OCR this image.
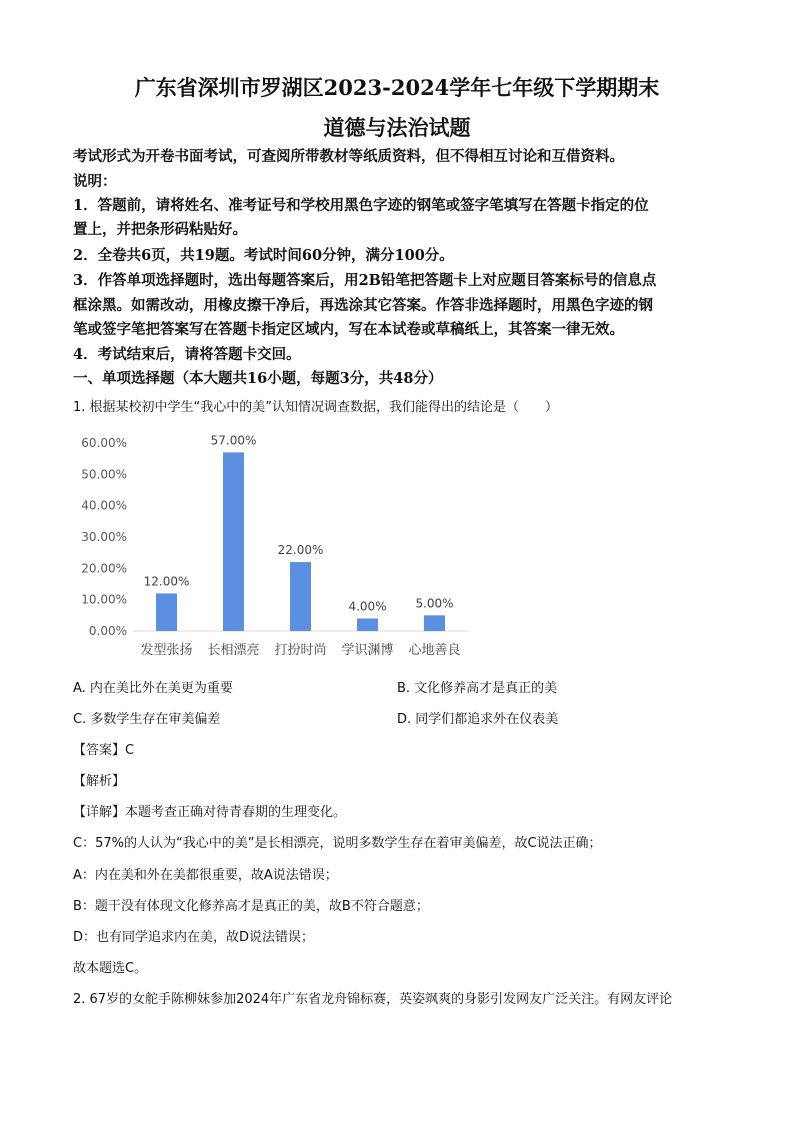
广东省深圳市罗湖区2023-2024学年七年级下学期期末
道德与法治试题
考试形式为开卷书面考试，可查阅所带教材等纸质资料，但不得相互讨论和互借资料。
说明：
1．答题前，请将姓名、准考证号和学校用黑色字迹的钢笔或签字笔填写在答题卡指定的位
置上，并把条形码粘贴好。
2．全卷共6页，共19题。考试时间60分钟，满分100分。
3．作答单项选择题时，选出每题答案后，用2B铅笔把答题卡上对应题目答案标号的信息点
框涂黑。如需改动，用橡皮擦干净后，再选涂其它答案。作答非选择题时，用黑色字迹的钢
笔或签字笔把答案写在答题卡指定区域内，写在本试卷或草稿纸上，其答案一律无效。
4．考试结束后，请将答题卡交回。
一、单项选择题（本大题共16小题，每题3分，共48分）
1. 根据某校初中学生“我心中的美”认知情况调查数据，我们能得出的结论是（　　）
0.00%
10.00%
20.00%
30.00%
40.00%
50.00%
60.00%
12.00%
发型张扬
57.00%
长相漂亮
22.00%
打扮时尚
4.00%
学识渊博
5.00%
心地善良
A. 内在美比外在美更为重要	B. 文化修养高才是真正的美
C. 多数学生存在审美偏差	D. 同学们都追求外在仪表美
【答案】C
【解析】
【详解】本题考查正确对待青春期的生理变化。
C：57%的人认为“我心中的美”是长相漂亮，说明多数学生存在着审美偏差，故C说法正确；
A：内在美和外在美都很重要，故A说法错误；
B：题干没有体现文化修养高才是真正的美，故B不符合题意；
D：也有同学追求内在美，故D说法错误；
故本题选C。
2. 67岁的女舵手陈柳妹参加2024年广东省龙舟锦标赛，英姿飒爽的身影引发网友广泛关注。有网友评论
